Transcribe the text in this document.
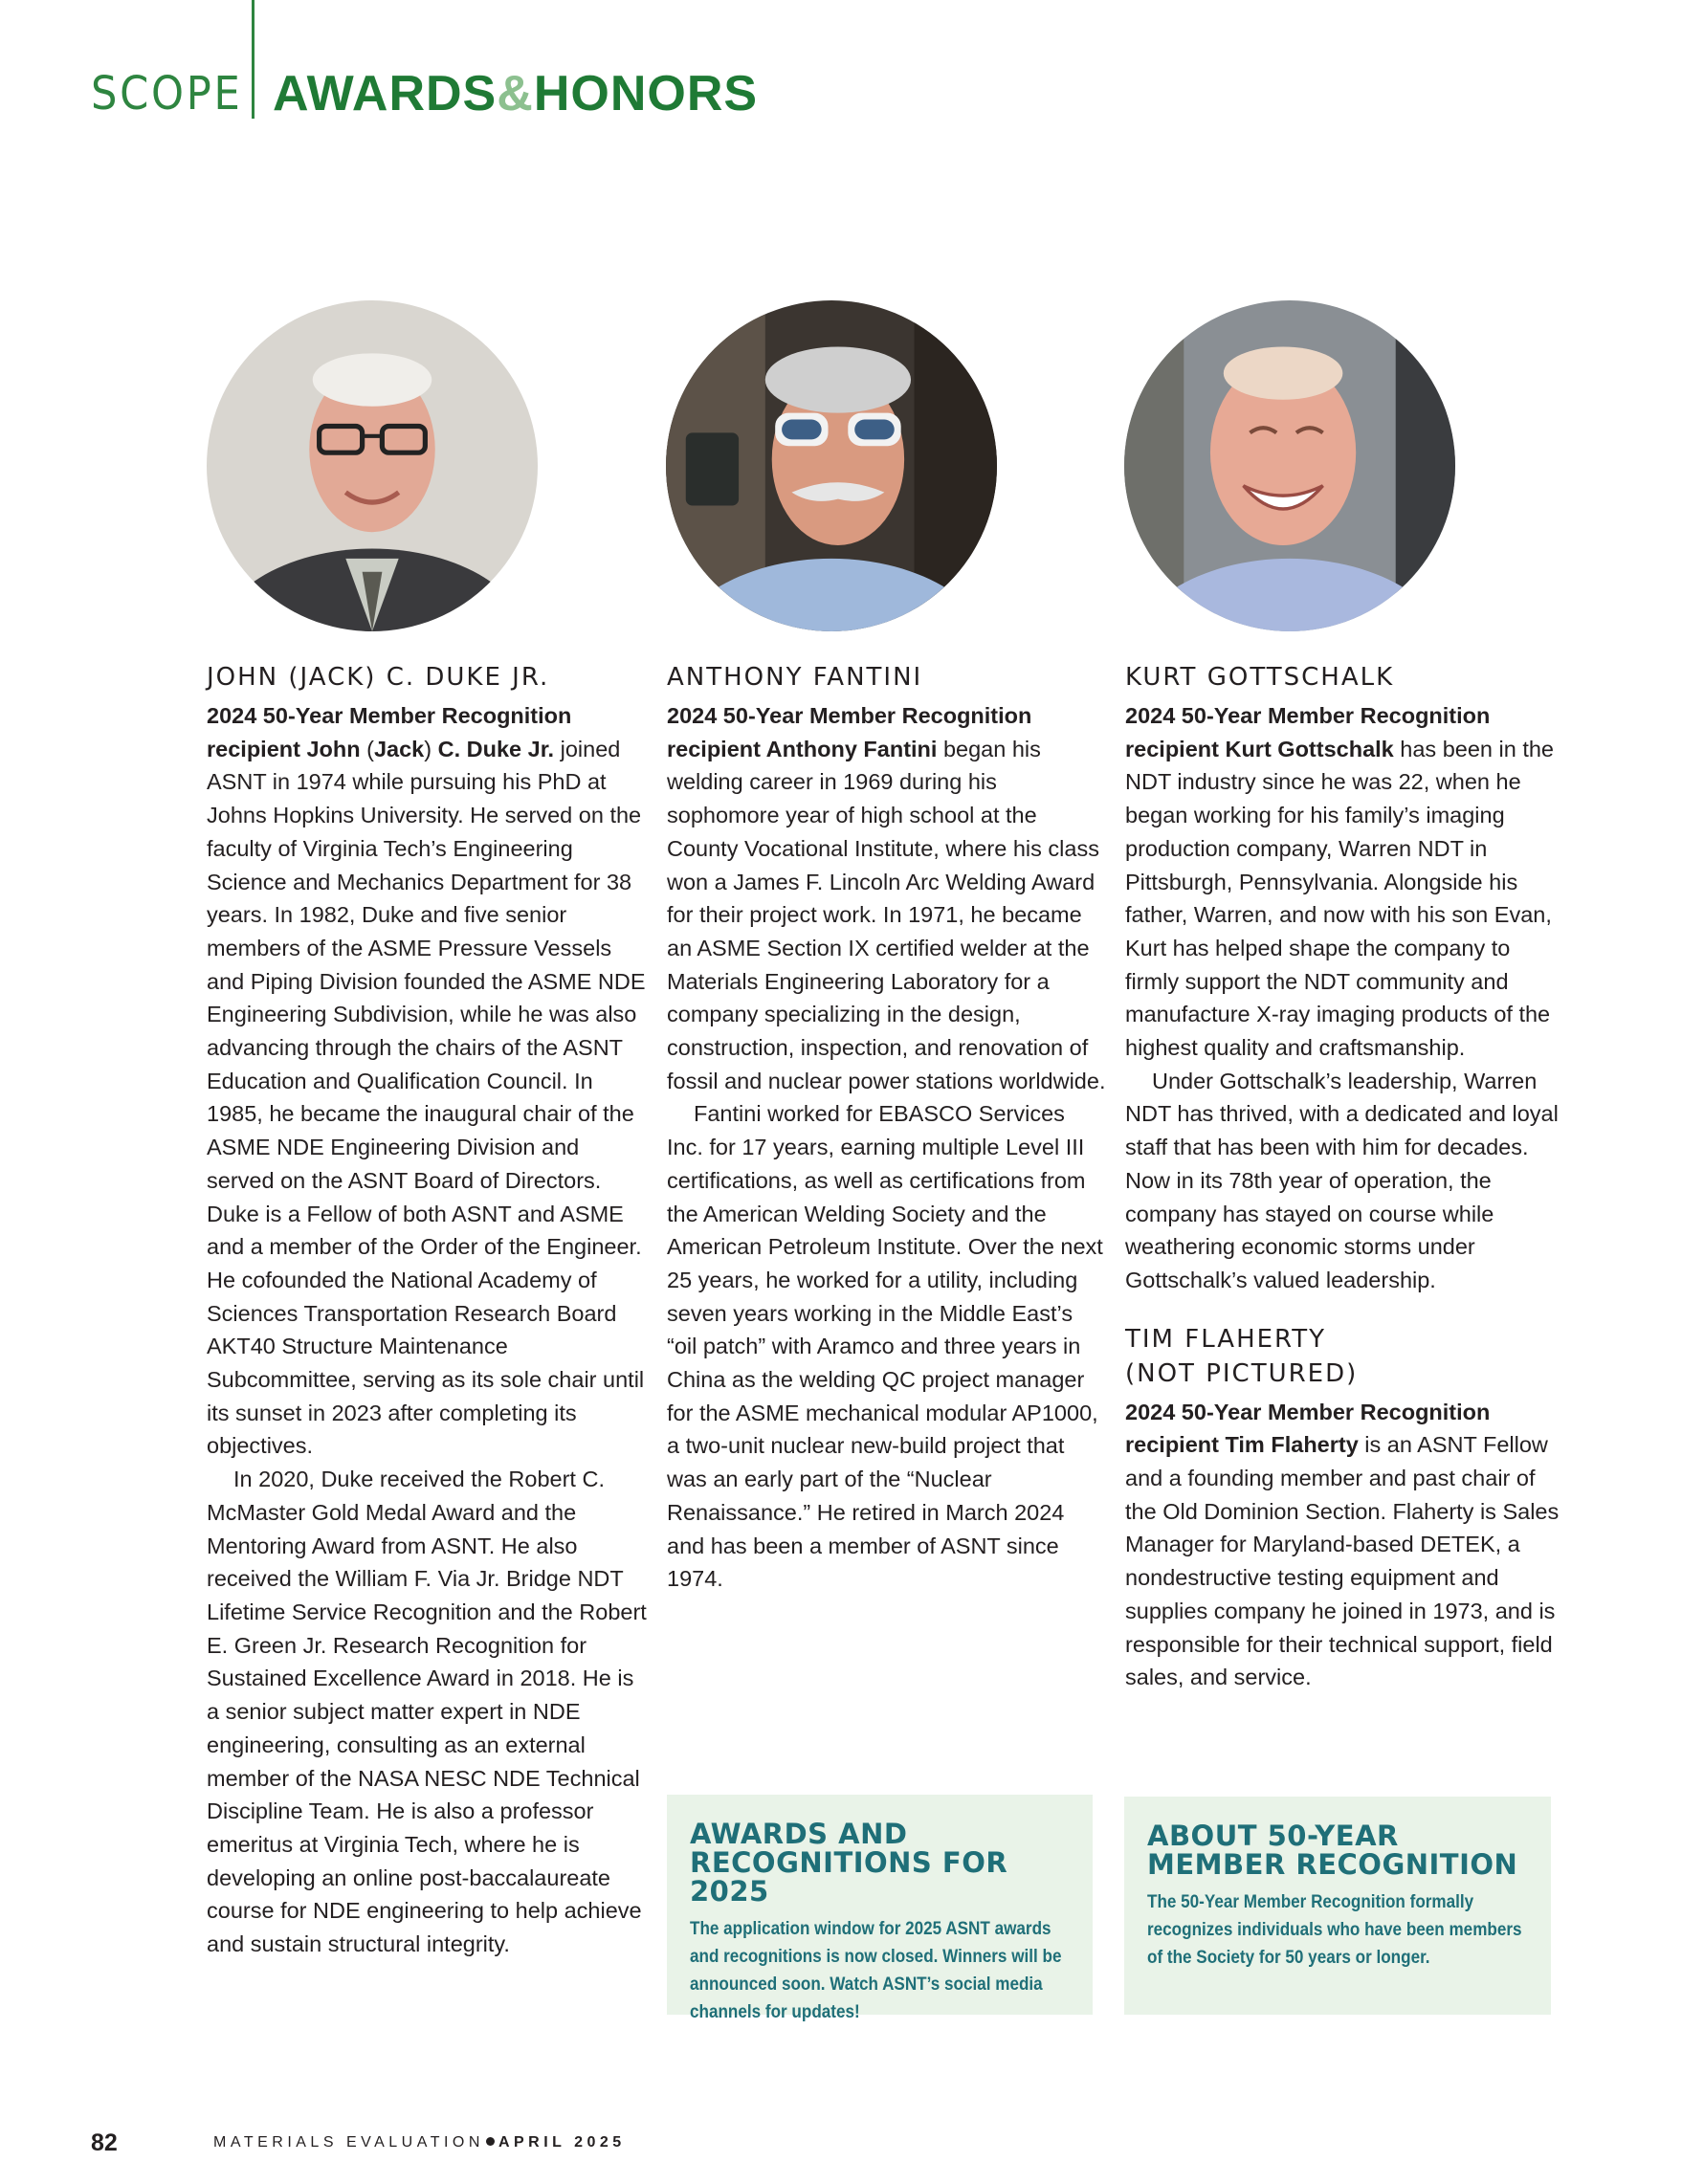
SCOPE AWARDS&HONORS
JOHN (JACK) C. DUKE JR.

2024 50-Year Member Recognition recipient John (Jack) C. Duke Jr. joined ASNT in 1974 while pursuing his PhD at Johns Hopkins University. He served on the faculty of Virginia Tech’s Engineering Science and Mechanics Department for 38 years. In 1982, Duke and five senior members of the ASME Pressure Vessels and Piping Division founded the ASME NDE Engineering Subdivision, while he was also advancing through the chairs of the ASNT Education and Qualification Council. In 1985, he became the inaugural chair of the ASME NDE Engineering Division and served on the ASNT Board of Directors. Duke is a Fellow of both ASNT and ASME and a member of the Order of the Engineer. He cofounded the National Academy of Sciences Transportation Research Board AKT40 Structure Maintenance Subcommittee, serving as its sole chair until its sunset in 2023 after completing its objectives.

In 2020, Duke received the Robert C. McMaster Gold Medal Award and the Mentoring Award from ASNT. He also received the William F. Via Jr. Bridge NDT Lifetime Service Recognition and the Robert E. Green Jr. Research Recognition for Sustained Excellence Award in 2018. He is a senior subject matter expert in NDE engineering, consulting as an external member of the NASA NESC NDE Technical Discipline Team. He is also a professor emeritus at Virginia Tech, where he is developing an online post-baccalaureate course for NDE engineering to help achieve and sustain structural integrity.

ANTHONY FANTINI

2024 50-Year Member Recognition recipient Anthony Fantini began his welding career in 1969 during his sophomore year of high school at the County Vocational Institute, where his class won a James F. Lincoln Arc Welding Award for their project work. In 1971, he became an ASME Section IX certified welder at the Materials Engineering Laboratory for a company specializing in the design, construction, inspection, and renovation of fossil and nuclear power stations worldwide.

Fantini worked for EBASCO Services Inc. for 17 years, earning multiple Level III certifications, as well as certifications from the American Welding Society and the American Petroleum Institute. Over the next 25 years, he worked for a utility, including seven years working in the Middle East’s “oil patch” with Aramco and three years in China as the welding QC project manager for the ASME mechanical modular AP1000, a two-unit nuclear new-build project that was an early part of the “Nuclear Renaissance.” He retired in March 2024 and has been a member of ASNT since 1974.

KURT GOTTSCHALK

2024 50-Year Member Recognition recipient Kurt Gottschalk has been in the NDT industry since he was 22, when he began working for his family’s imaging production company, Warren NDT in Pittsburgh, Pennsylvania. Alongside his father, Warren, and now with his son Evan, Kurt has helped shape the company to firmly support the NDT community and manufacture X-ray imaging products of the highest quality and craftsmanship.

Under Gottschalk’s leadership, Warren NDT has thrived, with a dedicated and loyal staff that has been with him for decades. Now in its 78th year of operation, the company has stayed on course while weathering economic storms under Gottschalk’s valued leadership.

TIM FLAHERTY
(NOT PICTURED)

2024 50-Year Member Recognition recipient Tim Flaherty is an ASNT Fellow and a founding member and past chair of the Old Dominion Section. Flaherty is Sales Manager for Maryland-based DETEK, a nondestructive testing equipment and supplies company he joined in 1973, and is responsible for their technical support, field sales, and service.

AWARDS AND RECOGNITIONS FOR 2025

The application window for 2025 ASNT awards and recognitions is now closed. Winners will be announced soon. Watch ASNT’s social media channels for updates!

ABOUT 50-YEAR MEMBER RECOGNITION

The 50-Year Member Recognition formally recognizes individuals who have been members of the Society for 50 years or longer.

82	MATERIALS EVALUATION APRIL 2025
